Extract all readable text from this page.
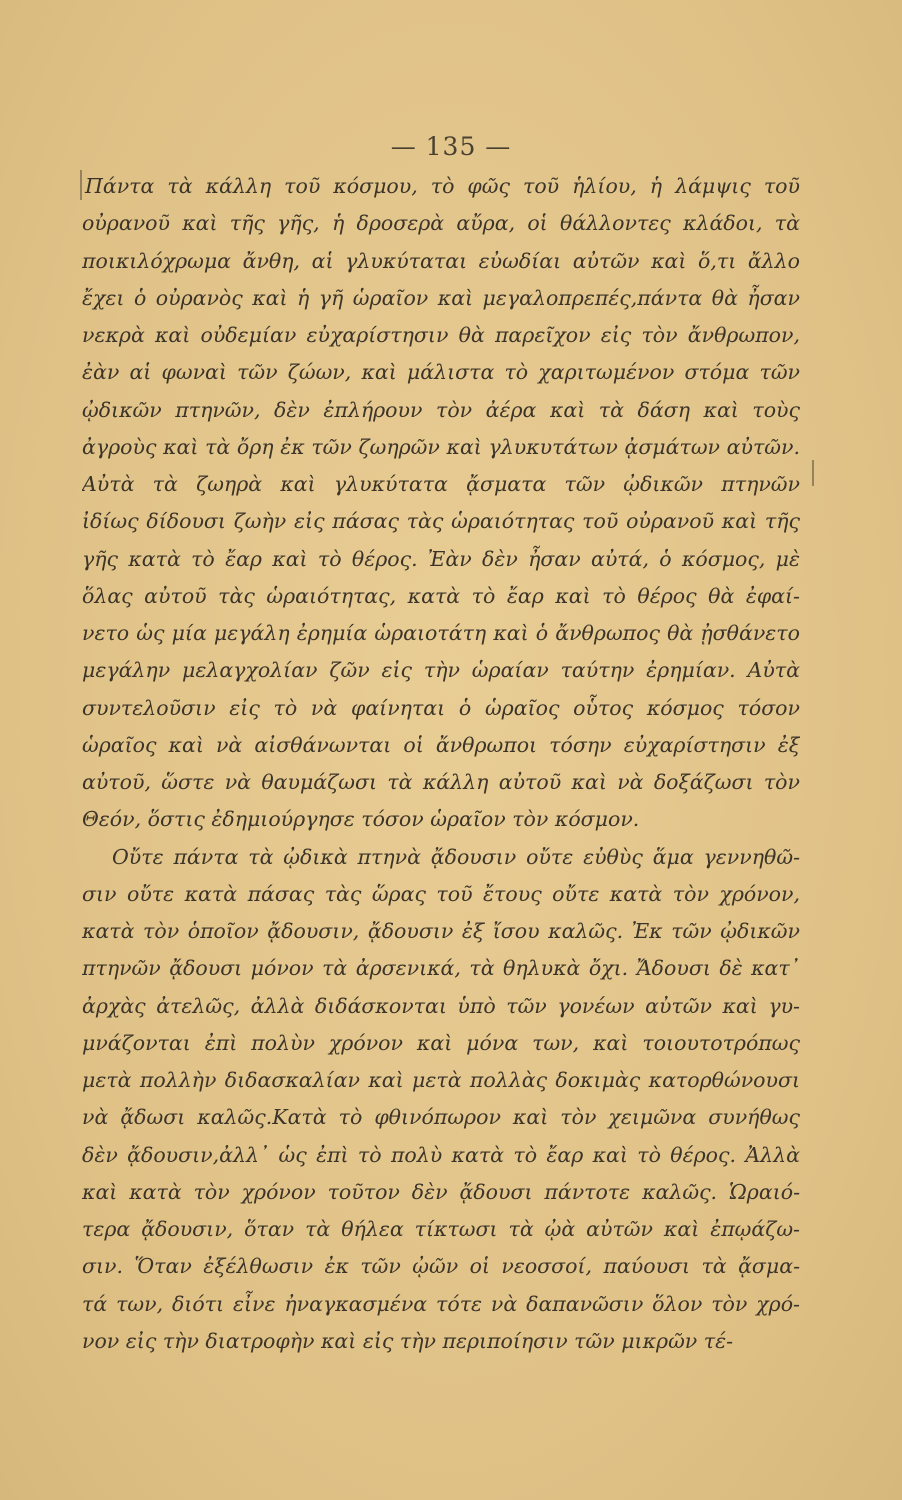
— 135 —
Πάντα τὰ κάλλη τοῦ κόσμου, τὸ φῶς τοῦ ἡλίου, ἡ λάμψις τοῦ
οὐρανοῦ καὶ τῆς γῆς, ἡ δροσερὰ αὔρα, οἱ θάλλοντες κλάδοι, τὰ
ποικιλόχρωμα ἄνθη, αἱ γλυκύταται εὐωδίαι αὐτῶν καὶ ὅ,τι ἄλλο
ἔχει ὁ οὐρανὸς καὶ ἡ γῆ ὡραῖον καὶ μεγαλοπρεπές,πάντα θὰ ἦσαν
νεκρὰ καὶ οὐδεμίαν εὐχαρίστησιν θὰ παρεῖχον εἰς τὸν ἄνθρωπον,
ἐὰν αἱ φωναὶ τῶν ζώων, καὶ μάλιστα τὸ χαριτωμένον στόμα τῶν
ᾠδικῶν πτηνῶν, δὲν ἐπλήρουν τὸν ἀέρα καὶ τὰ δάση καὶ τοὺς
ἀγροὺς καὶ τὰ ὄρη ἐκ τῶν ζωηρῶν καὶ γλυκυτάτων ᾀσμάτων αὐτῶν.
Αὐτὰ τὰ ζωηρὰ καὶ γλυκύτατα ᾄσματα τῶν ᾠδικῶν πτηνῶν
ἰδίως δίδουσι ζωὴν εἰς πάσας τὰς ὡραιότητας τοῦ οὐρανοῦ καὶ τῆς
γῆς κατὰ τὸ ἔαρ καὶ τὸ θέρος. Ἐὰν δὲν ἦσαν αὐτά, ὁ κόσμος, μὲ
ὅλας αὐτοῦ τὰς ὡραιότητας, κατὰ τὸ ἔαρ καὶ τὸ θέρος θὰ ἐφαί-
νετο ὡς μία μεγάλη ἐρημία ὡραιοτάτη καὶ ὁ ἄνθρωπος θὰ ᾐσθάνετο
μεγάλην μελαγχολίαν ζῶν εἰς τὴν ὡραίαν ταύτην ἐρημίαν. Αὐτὰ
συντελοῦσιν εἰς τὸ νὰ φαίνηται ὁ ὡραῖος οὗτος κόσμος τόσον
ὡραῖος καὶ νὰ αἰσθάνωνται οἱ ἄνθρωποι τόσην εὐχαρίστησιν ἐξ
αὐτοῦ, ὥστε νὰ θαυμάζωσι τὰ κάλλη αὐτοῦ καὶ νὰ δοξάζωσι τὸν
Θεόν, ὅστις ἐδημιούργησε τόσον ὡραῖον τὸν κόσμον.
Οὔτε πάντα τὰ ᾠδικὰ πτηνὰ ᾄδουσιν οὔτε εὐθὺς ἅμα γεννηθῶ-
σιν οὔτε κατὰ πάσας τὰς ὥρας τοῦ ἔτους οὔτε κατὰ τὸν χρόνον,
κατὰ τὸν ὁποῖον ᾄδουσιν, ᾄδουσιν ἐξ ἴσου καλῶς. Ἐκ τῶν ᾠδικῶν
πτηνῶν ᾄδουσι μόνον τὰ ἀρσενικά, τὰ θηλυκὰ ὄχι. Ἄδουσι δὲ κατ᾽
ἀρχὰς ἀτελῶς, ἀλλὰ διδάσκονται ὑπὸ τῶν γονέων αὐτῶν καὶ γυ-
μνάζονται ἐπὶ πολὺν χρόνον καὶ μόνα των, καὶ τοιουτοτρόπως
μετὰ πολλὴν διδασκαλίαν καὶ μετὰ πολλὰς δοκιμὰς κατορθώνουσι
νὰ ᾄδωσι καλῶς.Κατὰ τὸ φθινόπωρον καὶ τὸν χειμῶνα συνήθως
δὲν ᾄδουσιν,ἀλλ᾽ ὡς ἐπὶ τὸ πολὺ κατὰ τὸ ἔαρ καὶ τὸ θέρος. Ἀλλὰ
καὶ κατὰ τὸν χρόνον τοῦτον δὲν ᾄδουσι πάντοτε καλῶς. Ὡραιό-
τερα ᾄδουσιν, ὅταν τὰ θήλεα τίκτωσι τὰ ᾠὰ αὐτῶν καὶ ἐπῳάζω-
σιν. Ὅταν ἐξέλθωσιν ἐκ τῶν ᾠῶν οἱ νεοσσοί, παύουσι τὰ ᾄσμα-
τά των, διότι εἶνε ἠναγκασμένα τότε νὰ δαπανῶσιν ὅλον τὸν χρό-
νον εἰς τὴν διατροφὴν καὶ εἰς τὴν περιποίησιν τῶν μικρῶν τέ-
